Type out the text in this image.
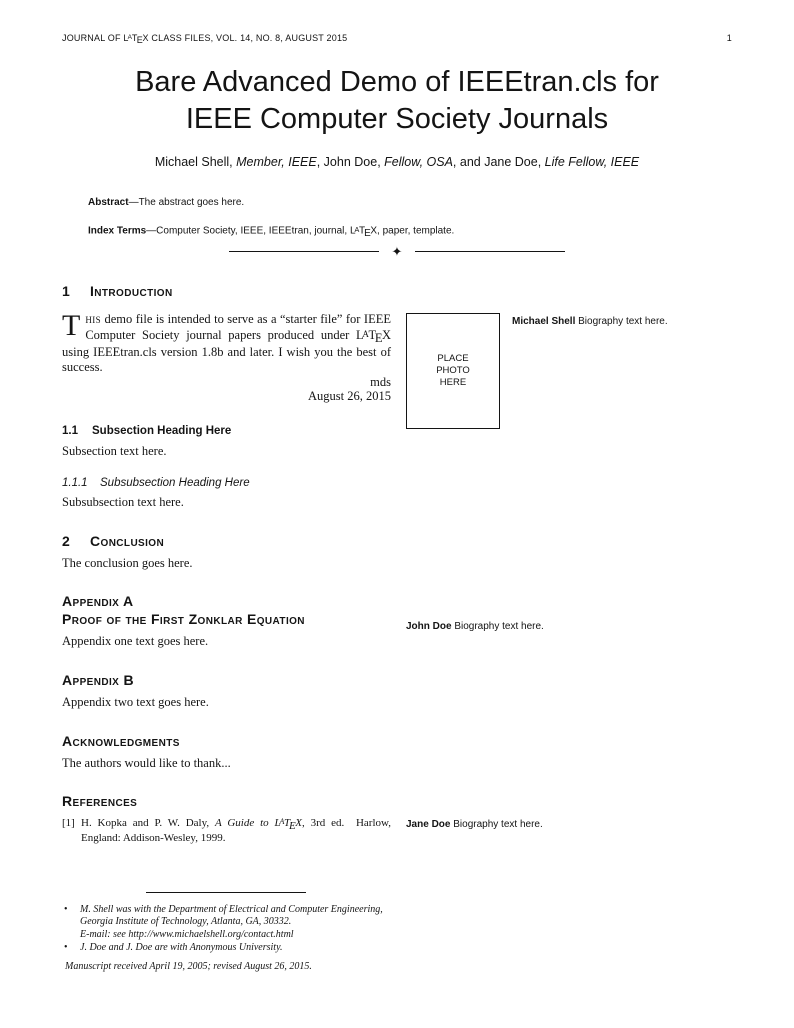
JOURNAL OF LATEX CLASS FILES, VOL. 14, NO. 8, AUGUST 2015	1
Bare Advanced Demo of IEEEtran.cls for
IEEE Computer Society Journals
Michael Shell, Member, IEEE, John Doe, Fellow, OSA, and Jane Doe, Life Fellow, IEEE
Abstract—The abstract goes here.
Index Terms—Computer Society, IEEE, IEEEtran, journal, LATEX, paper, template.
✦
1	Introduction

This demo file is intended to serve as a “starter file” for IEEE Computer Society journal papers produced under LATEX using IEEEtran.cls version 1.8b and later. I wish you the best of success.

mds
August 26, 2015
1.1	Subsection Heading Here

Subsection text here.

1.1.1	Subsubsection Heading Here

Subsubsection text here.

2	Conclusion

The conclusion goes here.

Appendix A
Proof of the First Zonklar Equation

Appendix one text goes here.

Appendix B

Appendix two text goes here.

Acknowledgments

The authors would like to thank...

References
[1] H. Kopka and P. W. Daly, A Guide to LATEX, 3rd ed.  Harlow, England: Addison-Wesley, 1999.
PLACE
PHOTO
HERE
Michael Shell Biography text here.
John Doe Biography text here.
Jane Doe Biography text here.
•	M. Shell was with the Department of Electrical and Computer Engineering, Georgia Institute of Technology, Atlanta, GA, 30332.
E-mail: see http://www.michaelshell.org/contact.html
•	J. Doe and J. Doe are with Anonymous University.
Manuscript received April 19, 2005; revised August 26, 2015.
